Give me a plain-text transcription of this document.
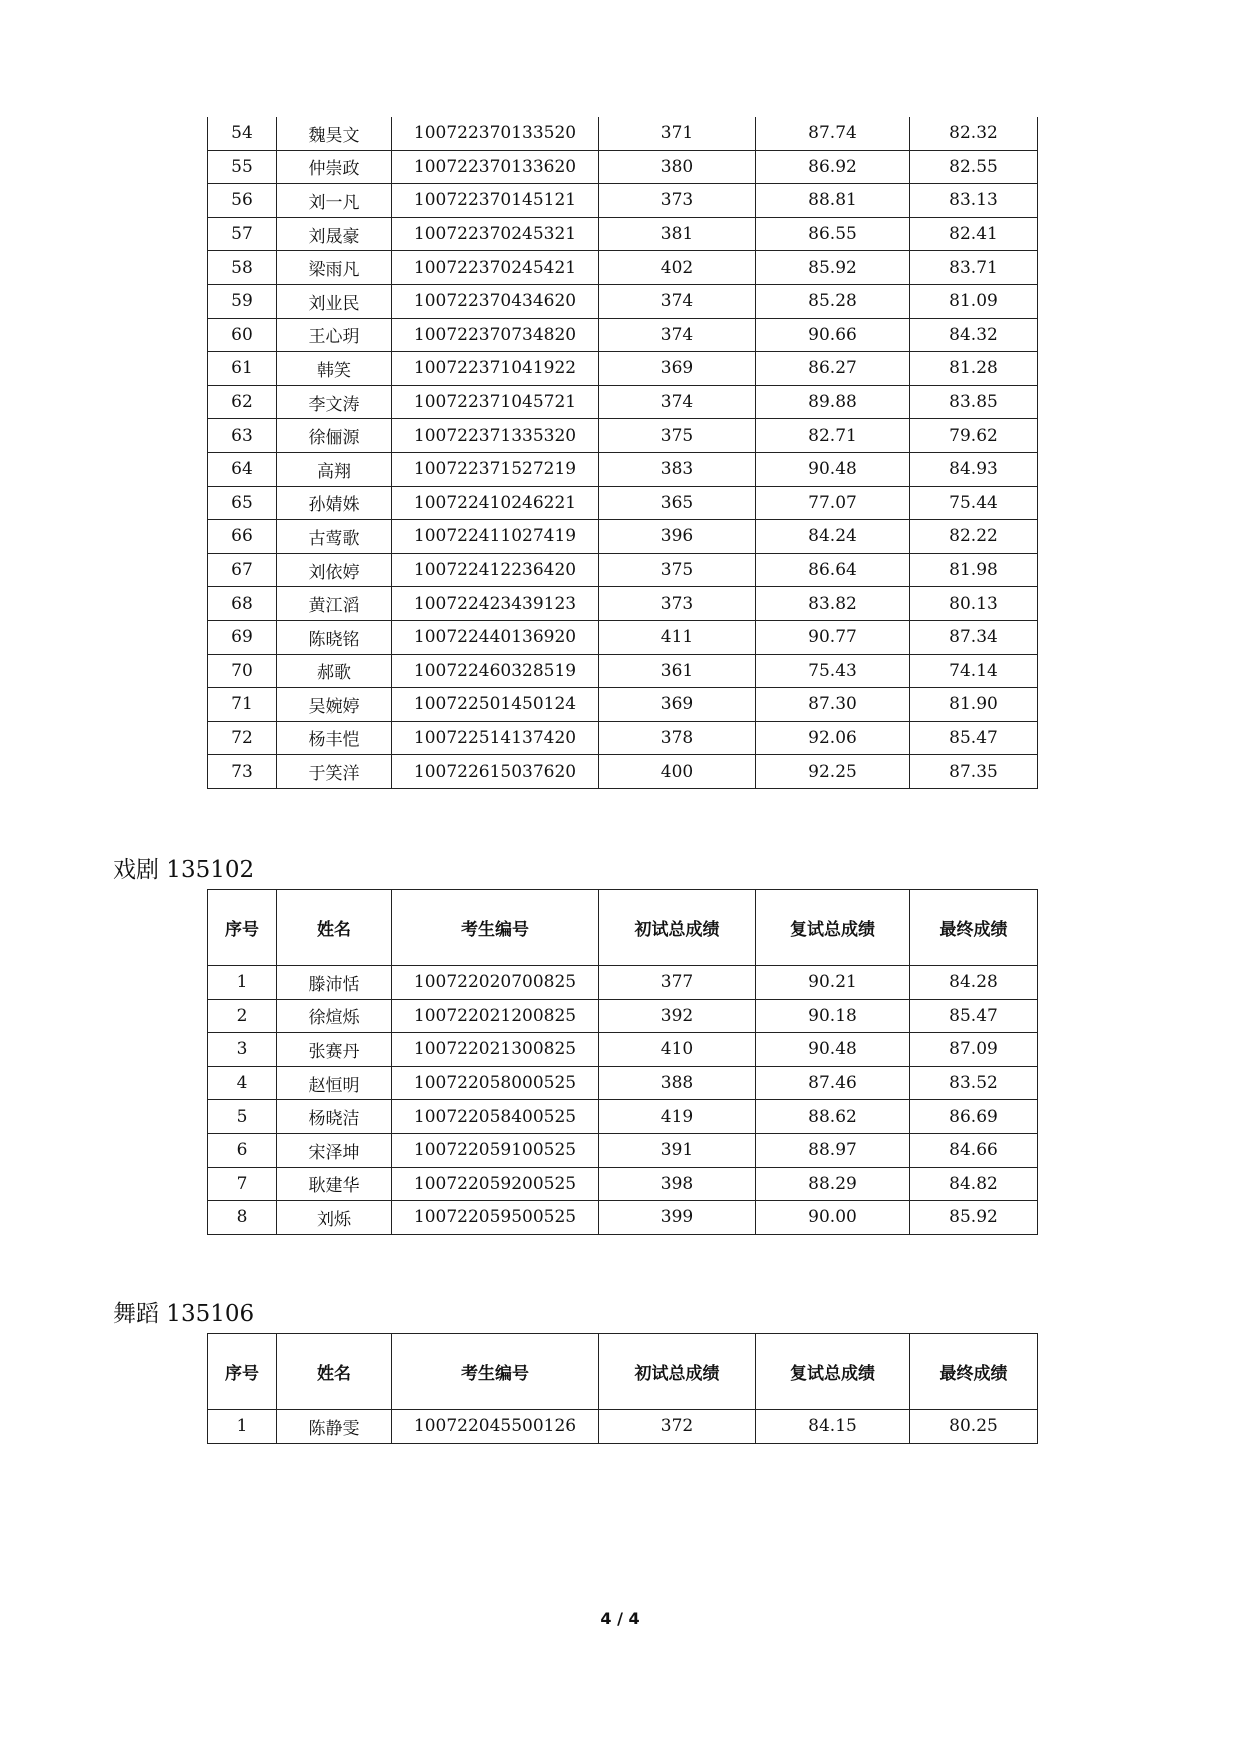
54	魏昊文	100722370133520	371	87.74	82.32
55	仲崇政	100722370133620	380	86.92	82.55
56	刘一凡	100722370145121	373	88.81	83.13
57	刘晟豪	100722370245321	381	86.55	82.41
58	梁雨凡	100722370245421	402	85.92	83.71
59	刘业民	100722370434620	374	85.28	81.09
60	王心玥	100722370734820	374	90.66	84.32
61	韩笑	100722371041922	369	86.27	81.28
62	李文涛	100722371045721	374	89.88	83.85
63	徐俪源	100722371335320	375	82.71	79.62
64	高翔	100722371527219	383	90.48	84.93
65	孙婧姝	100722410246221	365	77.07	75.44
66	古莺歌	100722411027419	396	84.24	82.22
67	刘依婷	100722412236420	375	86.64	81.98
68	黄江滔	100722423439123	373	83.82	80.13
69	陈晓铭	100722440136920	411	90.77	87.34
70	郝歌	100722460328519	361	75.43	74.14
71	吴婉婷	100722501450124	369	87.30	81.90
72	杨丰恺	100722514137420	378	92.06	85.47
73	于笑洋	100722615037620	400	92.25	87.35
戏剧 135102
序号	姓名	考生编号	初试总成绩	复试总成绩	最终成绩
1	滕沛恬	100722020700825	377	90.21	84.28
2	徐煊烁	100722021200825	392	90.18	85.47
3	张赛丹	100722021300825	410	90.48	87.09
4	赵恒明	100722058000525	388	87.46	83.52
5	杨晓洁	100722058400525	419	88.62	86.69
6	宋泽坤	100722059100525	391	88.97	84.66
7	耿建华	100722059200525	398	88.29	84.82
8	刘烁	100722059500525	399	90.00	85.92
舞蹈 135106
序号	姓名	考生编号	初试总成绩	复试总成绩	最终成绩
1	陈静雯	100722045500126	372	84.15	80.25
4 / 4
